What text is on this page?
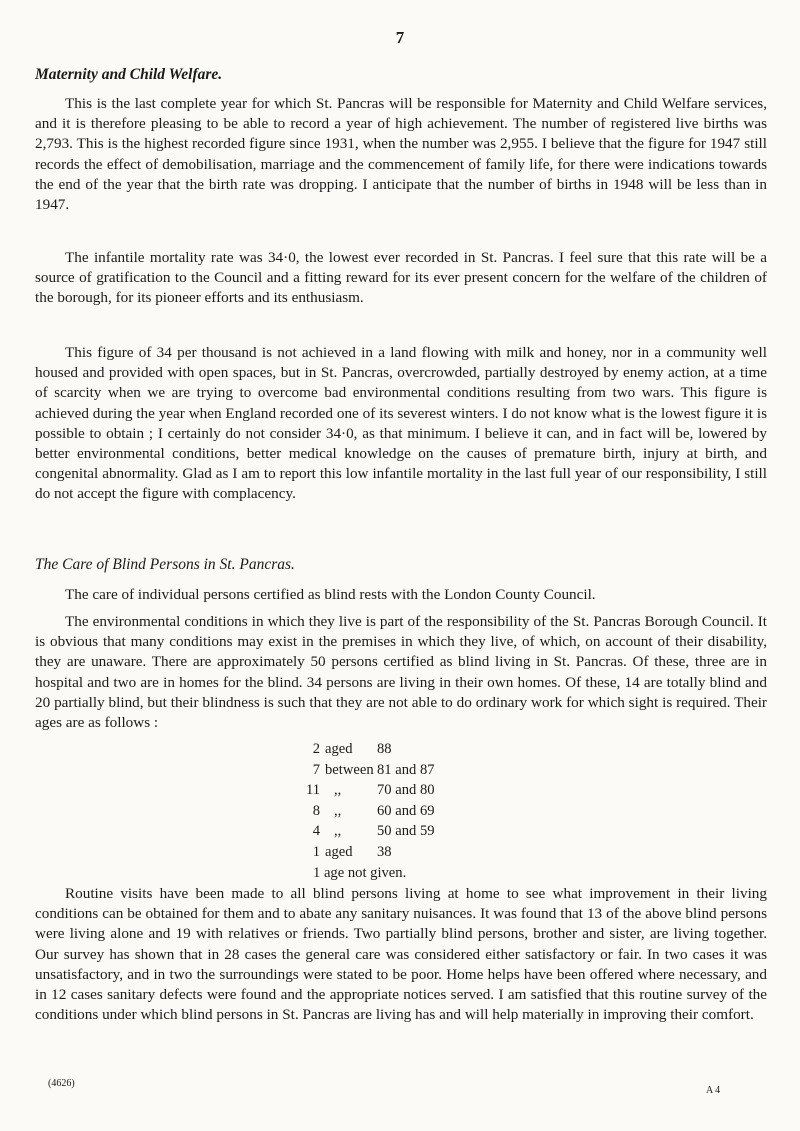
7
Maternity and Child Welfare.

This is the last complete year for which St. Pancras will be responsible for Maternity and Child Welfare services, and it is therefore pleasing to be able to record a year of high achievement. The number of registered live births was 2,793. This is the highest recorded figure since 1931, when the number was 2,955. I believe that the figure for 1947 still records the effect of demobilisation, marriage and the commencement of family life, for there were indications towards the end of the year that the birth rate was dropping. I anticipate that the number of births in 1948 will be less than in 1947.

The infantile mortality rate was 34·0, the lowest ever recorded in St. Pancras. I feel sure that this rate will be a source of gratification to the Council and a fitting reward for its ever present concern for the welfare of the children of the borough, for its pioneer efforts and its enthusiasm.

This figure of 34 per thousand is not achieved in a land flowing with milk and honey, nor in a community well housed and provided with open spaces, but in St. Pancras, overcrowded, partially destroyed by enemy action, at a time of scarcity when we are trying to overcome bad environmental conditions resulting from two wars. This figure is achieved during the year when England recorded one of its severest winters. I do not know what is the lowest figure it is possible to obtain ; I certainly do not consider 34·0, as that minimum. I believe it can, and in fact will be, lowered by better environmental conditions, better medical knowledge on the causes of premature birth, injury at birth, and congenital abnormality. Glad as I am to report this low infantile mortality in the last full year of our responsibility, I still do not accept the figure with complacency.

The Care of Blind Persons in St. Pancras.

The care of individual persons certified as blind rests with the London County Council.

The environmental conditions in which they live is part of the responsibility of the St. Pancras Borough Council. It is obvious that many conditions may exist in the premises in which they live, of which, on account of their disability, they are unaware. There are approximately 50 persons certified as blind living in St. Pancras. Of these, three are in hospital and two are in homes for the blind. 34 persons are living in their own homes. Of these, 14 are totally blind and 20 partially blind, but their blindness is such that they are not able to do ordinary work for which sight is required. Their ages are as follows :

2 aged	88
7 between 81 and 87
11 ,,	70 and 80
8 ,,	60 and 69
4 ,,	50 and 59
1 aged	38
1 age not given.

Routine visits have been made to all blind persons living at home to see what improvement in their living conditions can be obtained for them and to abate any sanitary nuisances. It was found that 13 of the above blind persons were living alone and 19 with relatives or friends. Two partially blind persons, brother and sister, are living together. Our survey has shown that in 28 cases the general care was considered either satisfactory or fair. In two cases it was unsatisfactory, and in two the surroundings were stated to be poor. Home helps have been offered where necessary, and in 12 cases sanitary defects were found and the appropriate notices served. I am satisfied that this routine survey of the conditions under which blind persons in St. Pancras are living has and will help materially in improving their comfort.

(4626)
A 4
